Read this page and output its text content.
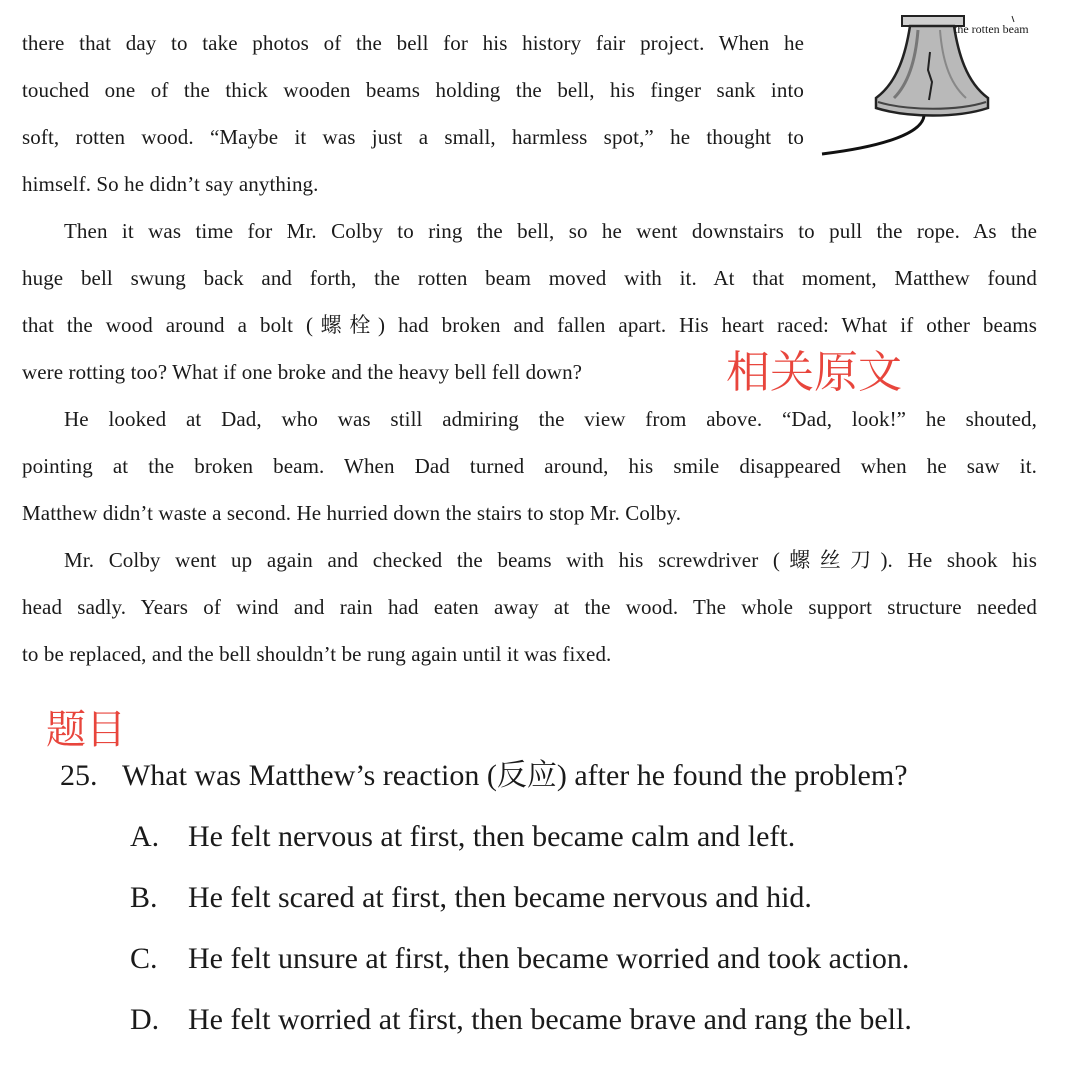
there that day to take photos of the bell for his history fair project. When he
touched one of the thick wooden beams holding the bell, his finger sank into
soft, rotten wood. “Maybe it was just a small, harmless spot,” he thought to
himself. So he didn’t say anything.
Then it was time for Mr. Colby to ring the bell, so he went downstairs to pull the rope. As the
huge bell swung back and forth, the rotten beam moved with it. At that moment, Matthew found
that the wood around a bolt (螺栓) had broken and fallen apart. His heart raced: What if other beams
were rotting too? What if one broke and the heavy bell fell down?
He looked at Dad, who was still admiring the view from above. “Dad, look!” he shouted,
pointing at the broken beam. When Dad turned around, his smile disappeared when he saw it.
Matthew didn’t waste a second. He hurried down the stairs to stop Mr. Colby.
Mr. Colby went up again and checked the beams with his screwdriver (螺丝刀). He shook his
head sadly. Years of wind and rain had eaten away at the wood. The whole support structure needed
to be replaced, and the bell shouldn’t be rung again until it was fixed.
相关原文
题目
the rotten beam
25. What was Matthew’s reaction (反应) after he found the problem?
A. He felt nervous at first, then became calm and left.
B. He felt scared at first, then became nervous and hid.
C. He felt unsure at first, then became worried and took action.
D. He felt worried at first, then became brave and rang the bell.
